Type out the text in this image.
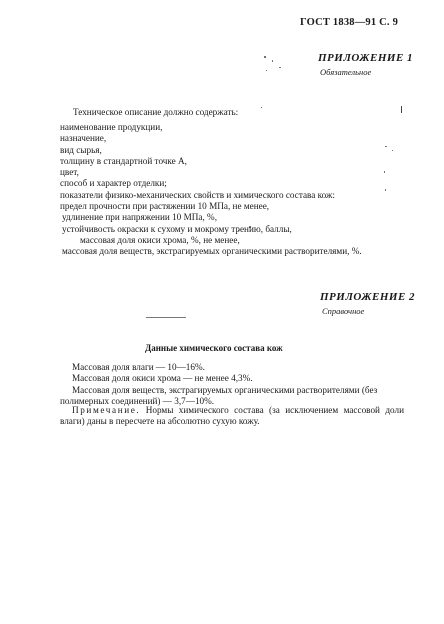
ГОСТ 1838—91 С. 9
ПРИЛОЖЕНИЕ 1
Обязательное
Техническое описание должно содержать:
наименование продукции,
назначение,
вид сырья,
толщину в стандартной точке А,
цвет,
способ и характер отделки;
показатели физико-механических свойств и химического состава кож:
предел прочности при растяжении 10 МПа, не менее,
удлинение при напряжении 10 МПа, %,
устойчивость окраски к сухому и мокрому трению, баллы,
массовая доля окиси хрома, %, не менее,
массовая доля веществ, экстрагируемых органическими растворителями, %.
ПРИЛОЖЕНИЕ 2
Справочное
Данные химического состава кож

Массовая доля влаги — 10—16%.

Массовая доля окиси хрома — не менее 4,3%.

Массовая доля веществ, экстрагируемых органическими растворителями (без полимерных соединений) — 3,7—10%.

Примечание. Нормы химического состава (за исключением массовой доли влаги) даны в пересчете на абсолютно сухую кожу.
